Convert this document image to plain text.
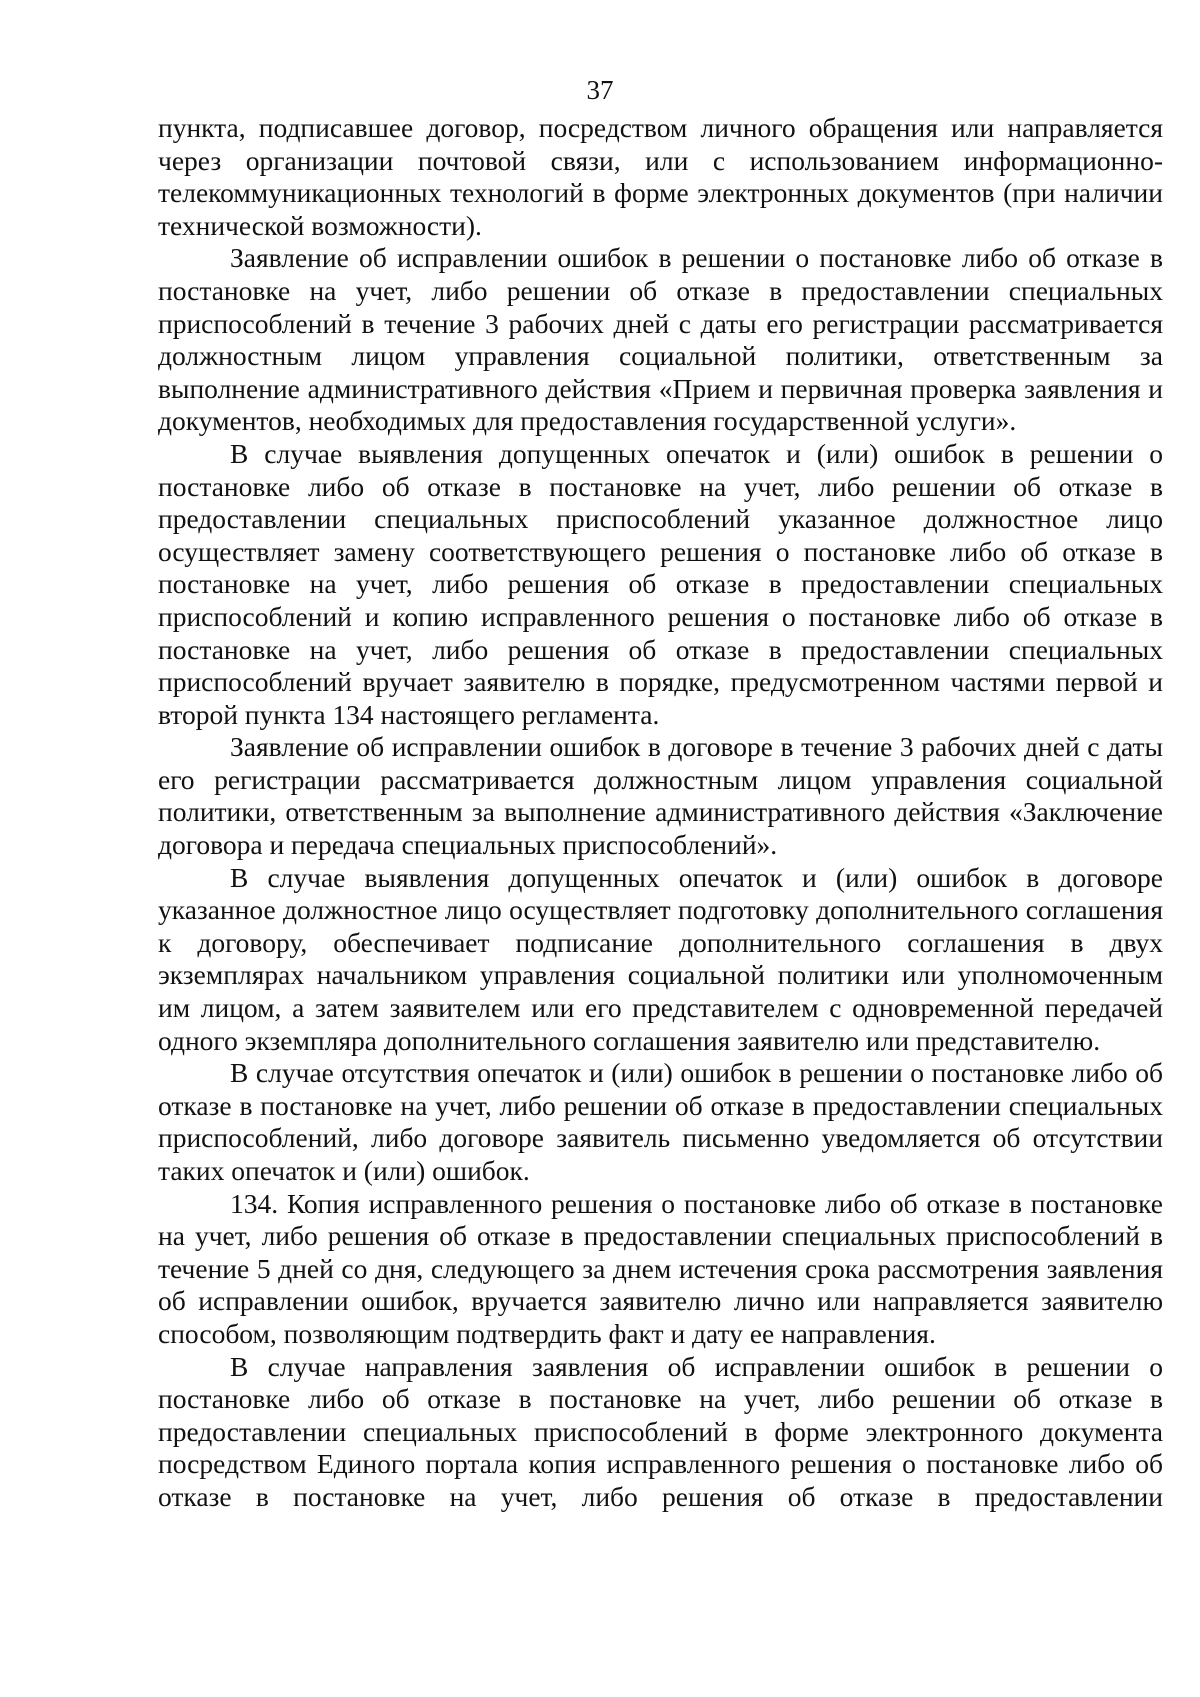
37

пункта, подписавшее договор, посредством личного обращения или направляется через организации почтовой связи, или с использованием информационно-телекоммуникационных технологий в форме электронных документов (при наличии технической возможности).

Заявление об исправлении ошибок в решении о постановке либо об отказе в постановке на учет, либо решении об отказе в предоставлении специальных приспособлений в течение 3 рабочих дней с даты его регистрации рассматривается должностным лицом управления социальной политики, ответственным за выполнение административного действия «Прием и первичная проверка заявления и документов, необходимых для предоставления государственной услуги».

В случае выявления допущенных опечаток и (или) ошибок в решении о постановке либо об отказе в постановке на учет, либо решении об отказе в предоставлении специальных приспособлений указанное должностное лицо осуществляет замену соответствующего решения о постановке либо об отказе в постановке на учет, либо решения об отказе в предоставлении специальных приспособлений и копию исправленного решения о постановке либо об отказе в постановке на учет, либо решения об отказе в предоставлении специальных приспособлений вручает заявителю в порядке, предусмотренном частями первой и второй пункта 134 настоящего регламента.

Заявление об исправлении ошибок в договоре в течение 3 рабочих дней с даты его регистрации рассматривается должностным лицом управления социальной политики, ответственным за выполнение административного действия «Заключение договора и передача специальных приспособлений».

В случае выявления допущенных опечаток и (или) ошибок в договоре указанное должностное лицо осуществляет подготовку дополнительного соглашения к договору, обеспечивает подписание дополнительного соглашения в двух экземплярах начальником управления социальной политики или уполномоченным им лицом, а затем заявителем или его представителем с одновременной передачей одного экземпляра дополнительного соглашения заявителю или представителю.

В случае отсутствия опечаток и (или) ошибок в решении о постановке либо об отказе в постановке на учет, либо решении об отказе в предоставлении специальных приспособлений, либо договоре заявитель письменно уведомляется об отсутствии таких опечаток и (или) ошибок.

134. Копия исправленного решения о постановке либо об отказе в постановке на учет, либо решения об отказе в предоставлении специальных приспособлений в течение 5 дней со дня, следующего за днем истечения срока рассмотрения заявления об исправлении ошибок, вручается заявителю лично или направляется заявителю способом, позволяющим подтвердить факт и дату ее направления.

В случае направления заявления об исправлении ошибок в решении о постановке либо об отказе в постановке на учет, либо решении об отказе в предоставлении специальных приспособлений в форме электронного документа посредством Единого портала копия исправленного решения о постановке либо об отказе в постановке на учет, либо решения об отказе в предоставлении
